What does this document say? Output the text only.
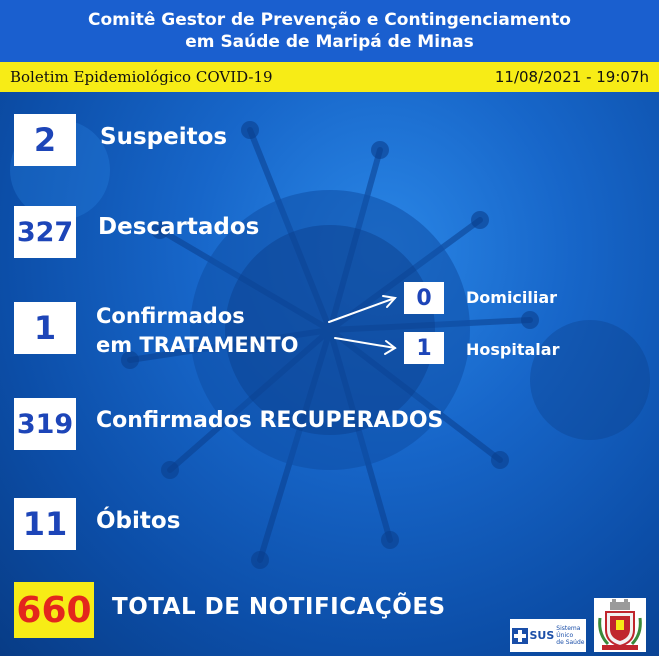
Comitê Gestor de Prevenção e Contingenciamento
em Saúde de Maripá de Minas
Boletim Epidemiológico COVID-19	11/08/2021 - 19:07h
2	Suspeitos
327 Descartados
1	Confirmados
em TRATAMENTO
0	Domiciliar
1	Hospitalar
319 Confirmados RECUPERADOS
11	Óbitos
660 TOTAL DE NOTIFICAÇÕES
SUS
Sistema
Único
de Saúde
